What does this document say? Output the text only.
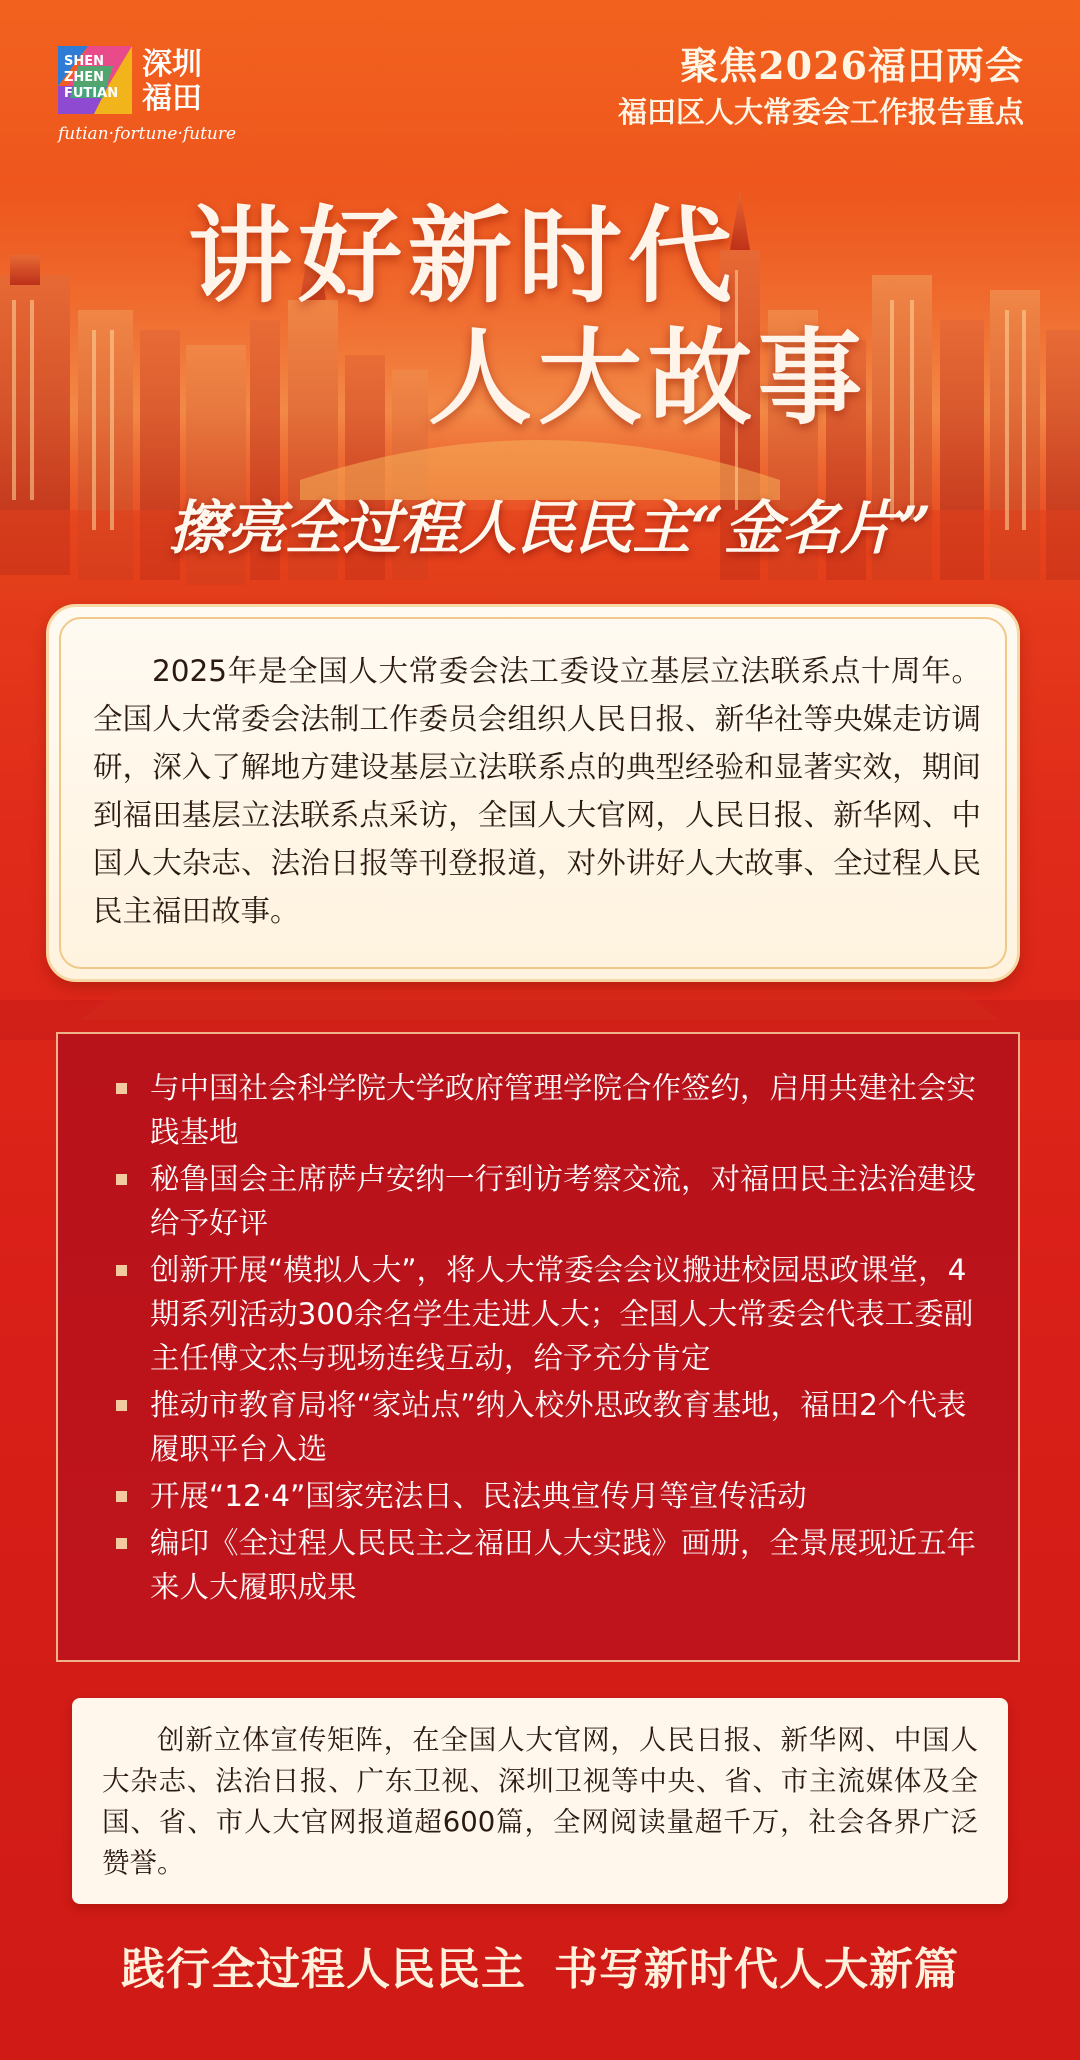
SHEN
ZHEN
FUTIAN
深圳
福田
futian·fortune·future
聚焦2026福田两会
福田区人大常委会工作报告重点
讲好新时代
人大故事
擦亮全过程人民民主“金名片”

2025年是全国人大常委会法工委设立基层立法联系点十周年。全国人大常委会法制工作委员会组织人民日报、新华社等央媒走访调研，深入了解地方建设基层立法联系点的典型经验和显著实效，期间到福田基层立法联系点采访，全国人大官网，人民日报、新华网、中国人大杂志、法治日报等刊登报道，对外讲好人大故事、全过程人民民主福田故事。

与中国社会科学院大学政府管理学院合作签约，启用共建社会实践基地
秘鲁国会主席萨卢安纳一行到访考察交流，对福田民主法治建设给予好评
创新开展“模拟人大”，将人大常委会会议搬进校园思政课堂，4期系列活动300余名学生走进人大；全国人大常委会代表工委副主任傅文杰与现场连线互动，给予充分肯定
推动市教育局将“家站点”纳入校外思政教育基地，福田2个代表履职平台入选
开展“12·4”国家宪法日、民法典宣传月等宣传活动
编印《全过程人民民主之福田人大实践》画册，全景展现近五年来人大履职成果

创新立体宣传矩阵，在全国人大官网，人民日报、新华网、中国人大杂志、法治日报、广东卫视、深圳卫视等中央、省、市主流媒体及全国、省、市人大官网报道超600篇，全网阅读量超千万，社会各界广泛赞誉。

践行全过程人民民主 书写新时代人大新篇
